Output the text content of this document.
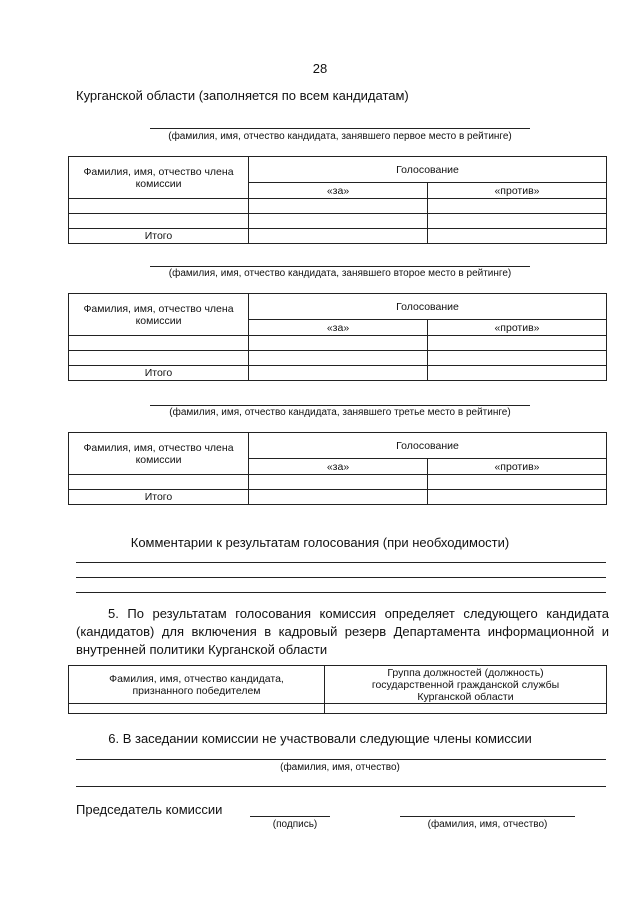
28
Курганской области (заполняется по всем кандидатам)
(фамилия, имя, отчество кандидата, занявшего первое место в рейтинге)
Фамилия, имя, отчество члена комиссии	Голосование	
	«за»	«против»

Итого		
(фамилия, имя, отчество кандидата, занявшего второе место в рейтинге)
Фамилия, имя, отчество члена комиссии	Голосование	
	«за»	«против»

Итого		
(фамилия, имя, отчество кандидата, занявшего третье место в рейтинге)
Фамилия, имя, отчество члена комиссии	Голосование	
	«за»	«против»

Итого		
Комментарии к результатам голосования (при необходимости)
5. По результатам голосования комиссия определяет следующего кандидата (кандидатов) для включения в кадровый резерв Департамента информационной и внутренней политики Курганской области
Фамилия, имя, отчество кандидата, признанного победителем	Группа должностей (должность) государственной гражданской службы Курганской области

6. В заседании комиссии не участвовали следующие члены комиссии
(фамилия, имя, отчество)
Председатель комиссии
(подпись)	(фамилия, имя, отчество)
